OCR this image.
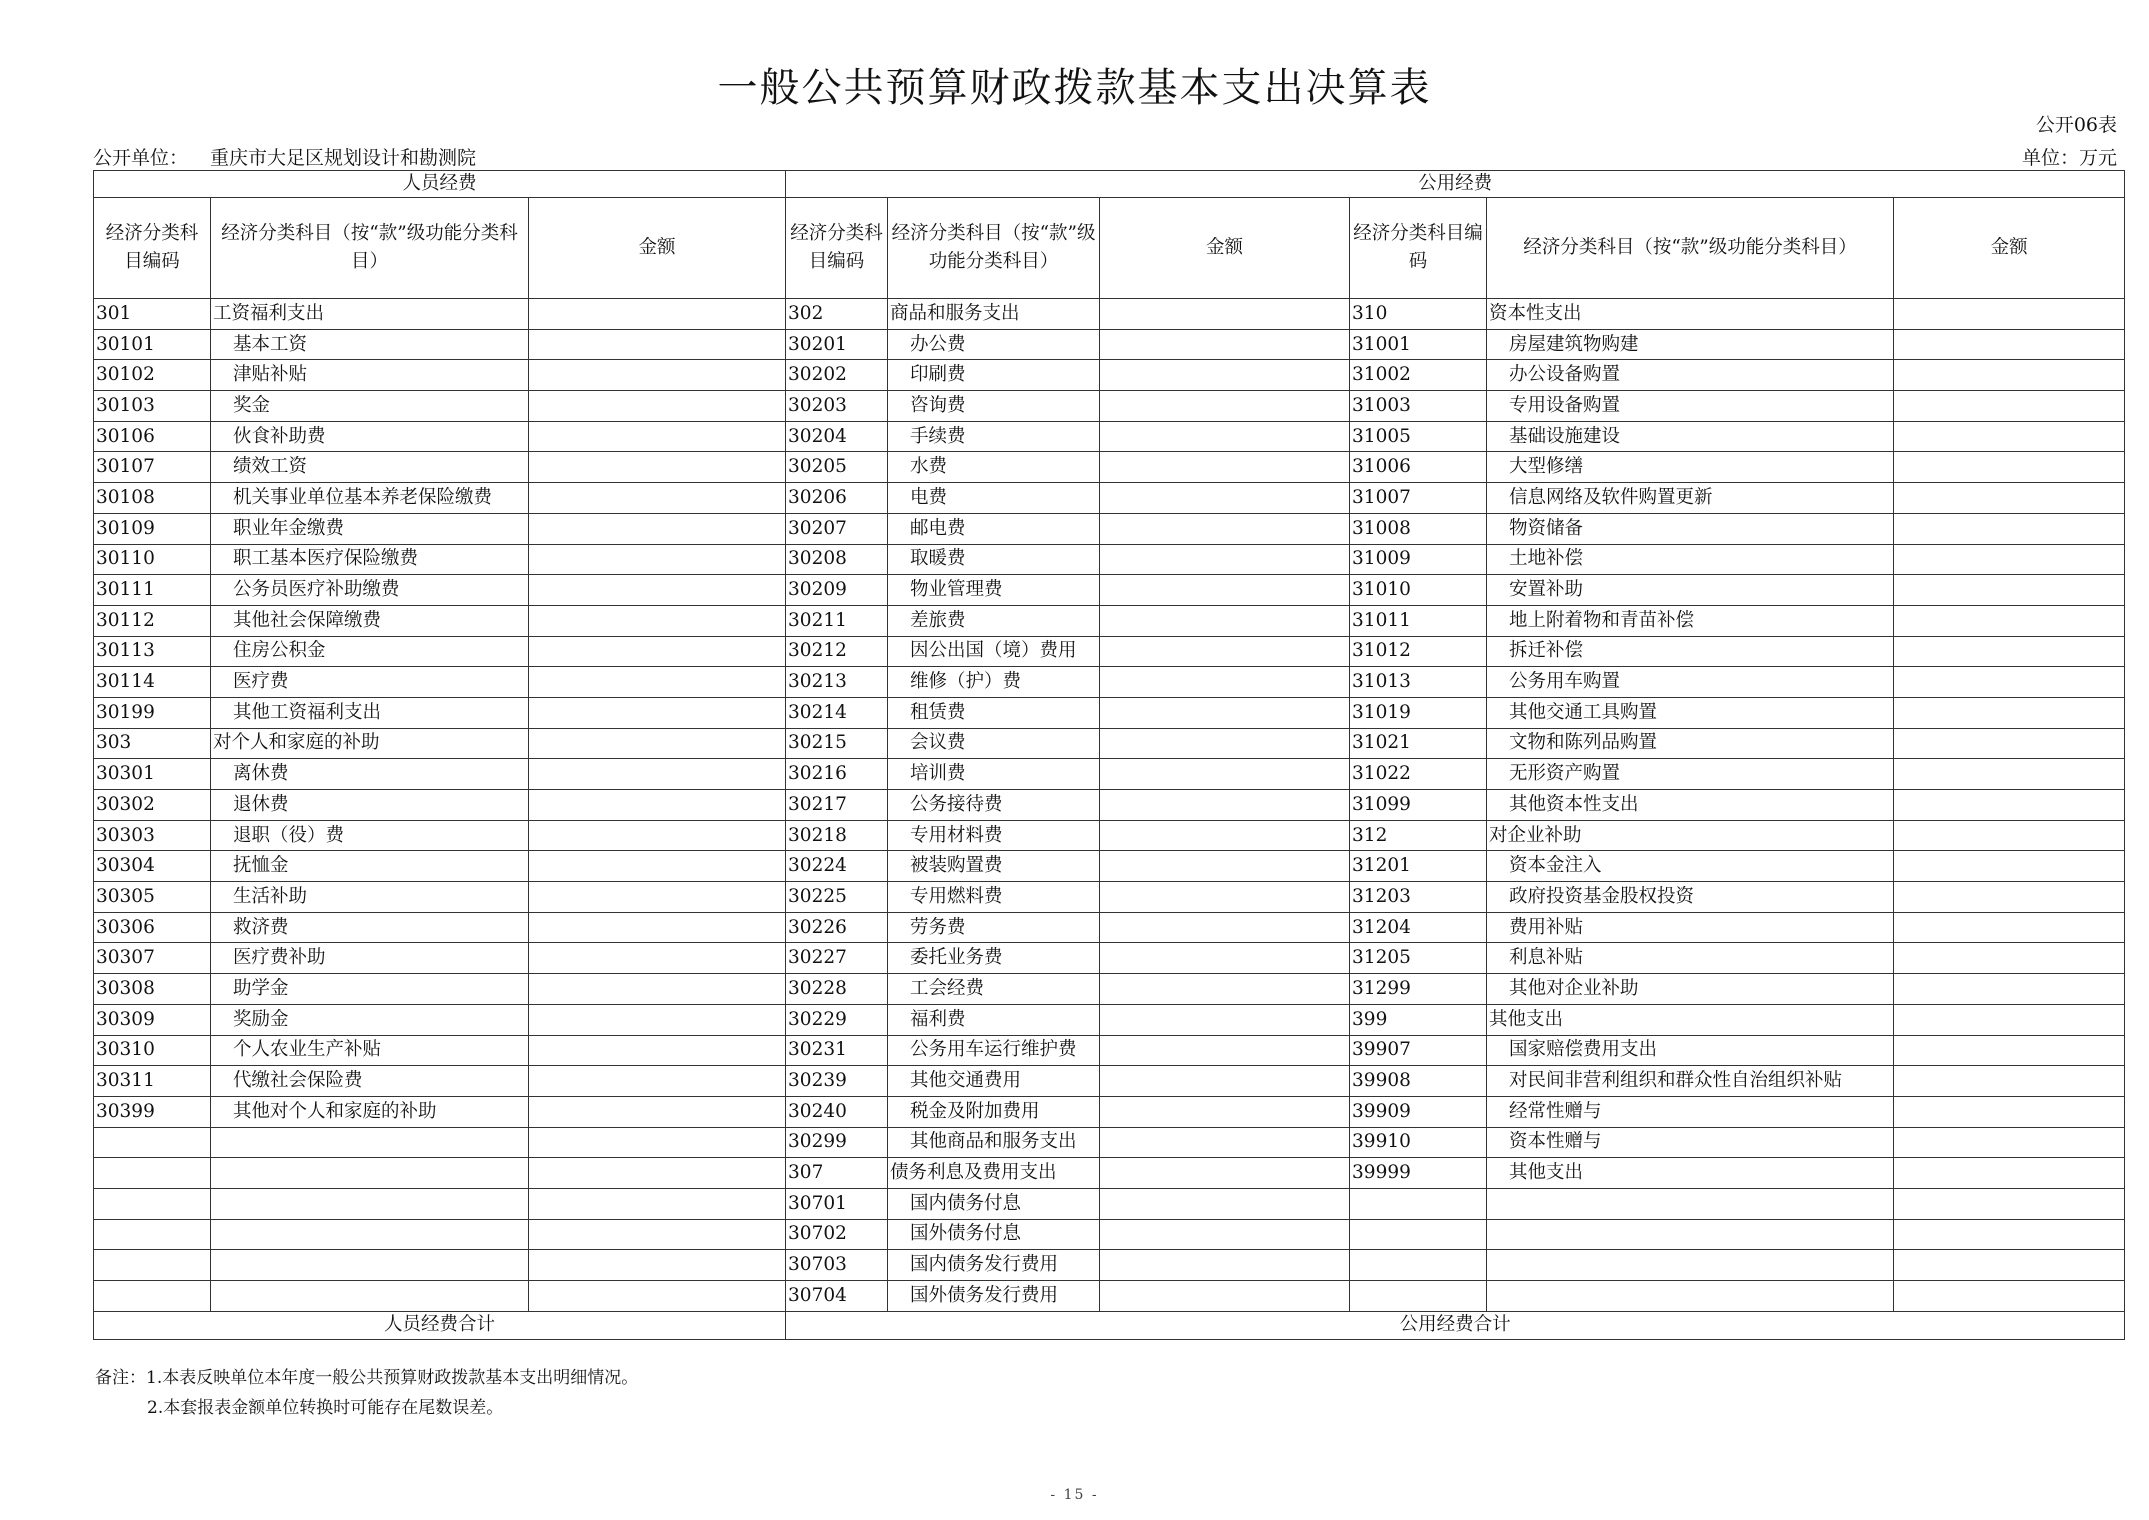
一般公共预算财政拨款基本支出决算表
公开06表
公开单位： 重庆市大足区规划设计和勘测院	单位：万元
人员经费			公用经费					
经济分类科目编码	经济分类科目（按“款”级功能分类科目）	金额	经济分类科目编码	经济分类科目（按“款”级功能分类科目）	金额	经济分类科目编码	经济分类科目（按“款”级功能分类科目）	金额
301	工资福利支出		302	商品和服务支出		310	资本性支出	
30101	基本工资		30201	办公费		31001	房屋建筑物购建	
30102	津贴补贴		30202	印刷费		31002	办公设备购置	
30103	奖金		30203	咨询费		31003	专用设备购置	
30106	伙食补助费		30204	手续费		31005	基础设施建设	
30107	绩效工资		30205	水费		31006	大型修缮	
30108	机关事业单位基本养老保险缴费		30206	电费		31007	信息网络及软件购置更新	
30109	职业年金缴费		30207	邮电费		31008	物资储备	
30110	职工基本医疗保险缴费		30208	取暖费		31009	土地补偿	
30111	公务员医疗补助缴费		30209	物业管理费		31010	安置补助	
30112	其他社会保障缴费		30211	差旅费		31011	地上附着物和青苗补偿	
30113	住房公积金		30212	因公出国（境）费用		31012	拆迁补偿	
30114	医疗费		30213	维修（护）费		31013	公务用车购置	
30199	其他工资福利支出		30214	租赁费		31019	其他交通工具购置	
303	对个人和家庭的补助		30215	会议费		31021	文物和陈列品购置	
30301	离休费		30216	培训费		31022	无形资产购置	
30302	退休费		30217	公务接待费		31099	其他资本性支出	
30303	退职（役）费		30218	专用材料费		312	对企业补助	
30304	抚恤金		30224	被装购置费		31201	资本金注入	
30305	生活补助		30225	专用燃料费		31203	政府投资基金股权投资	
30306	救济费		30226	劳务费		31204	费用补贴	
30307	医疗费补助		30227	委托业务费		31205	利息补贴	
30308	助学金		30228	工会经费		31299	其他对企业补助	
30309	奖励金		30229	福利费		399	其他支出	
30310	个人农业生产补贴		30231	公务用车运行维护费		39907	国家赔偿费用支出	
30311	代缴社会保险费		30239	其他交通费用		39908	对民间非营利组织和群众性自治组织补贴	
30399	其他对个人和家庭的补助		30240	税金及附加费用		39909	经常性赠与	
			30299	其他商品和服务支出		39910	资本性赠与	
			307	债务利息及费用支出		39999	其他支出	
			30701	国内债务付息				
			30702	国外债务付息				
			30703	国内债务发行费用				
			30704	国外债务发行费用				
人员经费合计			公用经费合计					
备注：1.本表反映单位本年度一般公共预算财政拨款基本支出明细情况。
2.本套报表金额单位转换时可能存在尾数误差。
- 15 -
